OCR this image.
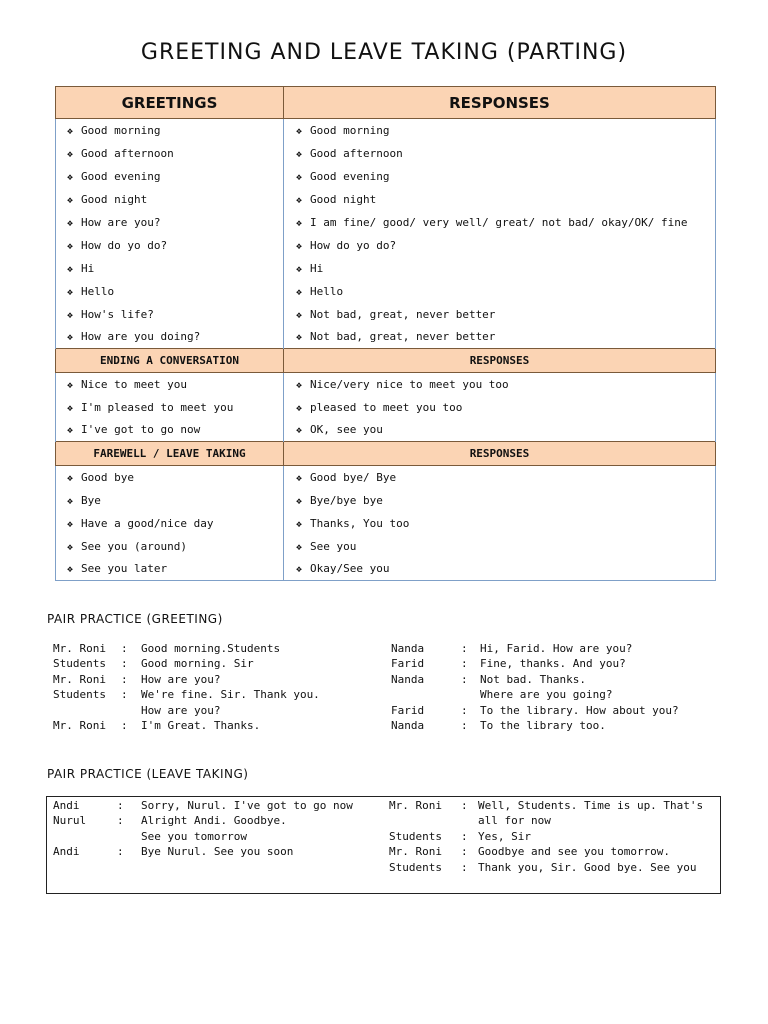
GREETING AND LEAVE TAKING (PARTING)
GREETINGS	RESPONSES
❖ Good morning	❖ Good morning
❖ Good afternoon	❖ Good afternoon
❖ Good evening	❖ Good evening
❖ Good night	❖ Good night
❖ How are you?	❖ I am fine/ good/ very well/ great/ not bad/ okay/OK/ fine
❖ How do yo do?	❖ How do yo do?
❖ Hi	❖ Hi
❖ Hello	❖ Hello
❖ How's life?	❖ Not bad, great, never better
❖ How are you doing?	❖ Not bad, great, never better
ENDING A CONVERSATION	RESPONSES
❖ Nice to meet you	❖ Nice/very nice to meet you too
❖ I'm pleased to meet you	❖ pleased to meet you too
❖ I've got to go now	❖ OK, see you
FAREWELL / LEAVE TAKING	RESPONSES
❖ Good bye	❖ Good bye/ Bye
❖ Bye	❖ Bye/bye bye
❖ Have a good/nice day	❖ Thanks, You too
❖ See you (around)	❖ See you
❖ See you later	❖ Okay/See you
PAIR PRACTICE (GREETING)
Mr. Roni : Good morning.Students
Students : Good morning. Sir
Mr. Roni : How are you?
Students : We're fine. Sir. Thank you.
How are you?
Mr. Roni : I'm Great. Thanks.
Nanda	: Hi, Farid. How are you?
Farid	: Fine, thanks. And you?
Nanda	: Not bad. Thanks.
Where are you going?
Farid	: To the library. How about you?
Nanda	: To the library too.
PAIR PRACTICE (LEAVE TAKING)
Andi	: Sorry, Nurul. I've got to go now
Nurul	: Alright Andi. Goodbye.
See you tomorrow
Andi	: Bye Nurul. See you soon
Mr. Roni : Well, Students. Time is up. That's
all for now
Students : Yes, Sir
Mr. Roni : Goodbye and see you tomorrow.
Students : Thank you, Sir. Good bye. See you
